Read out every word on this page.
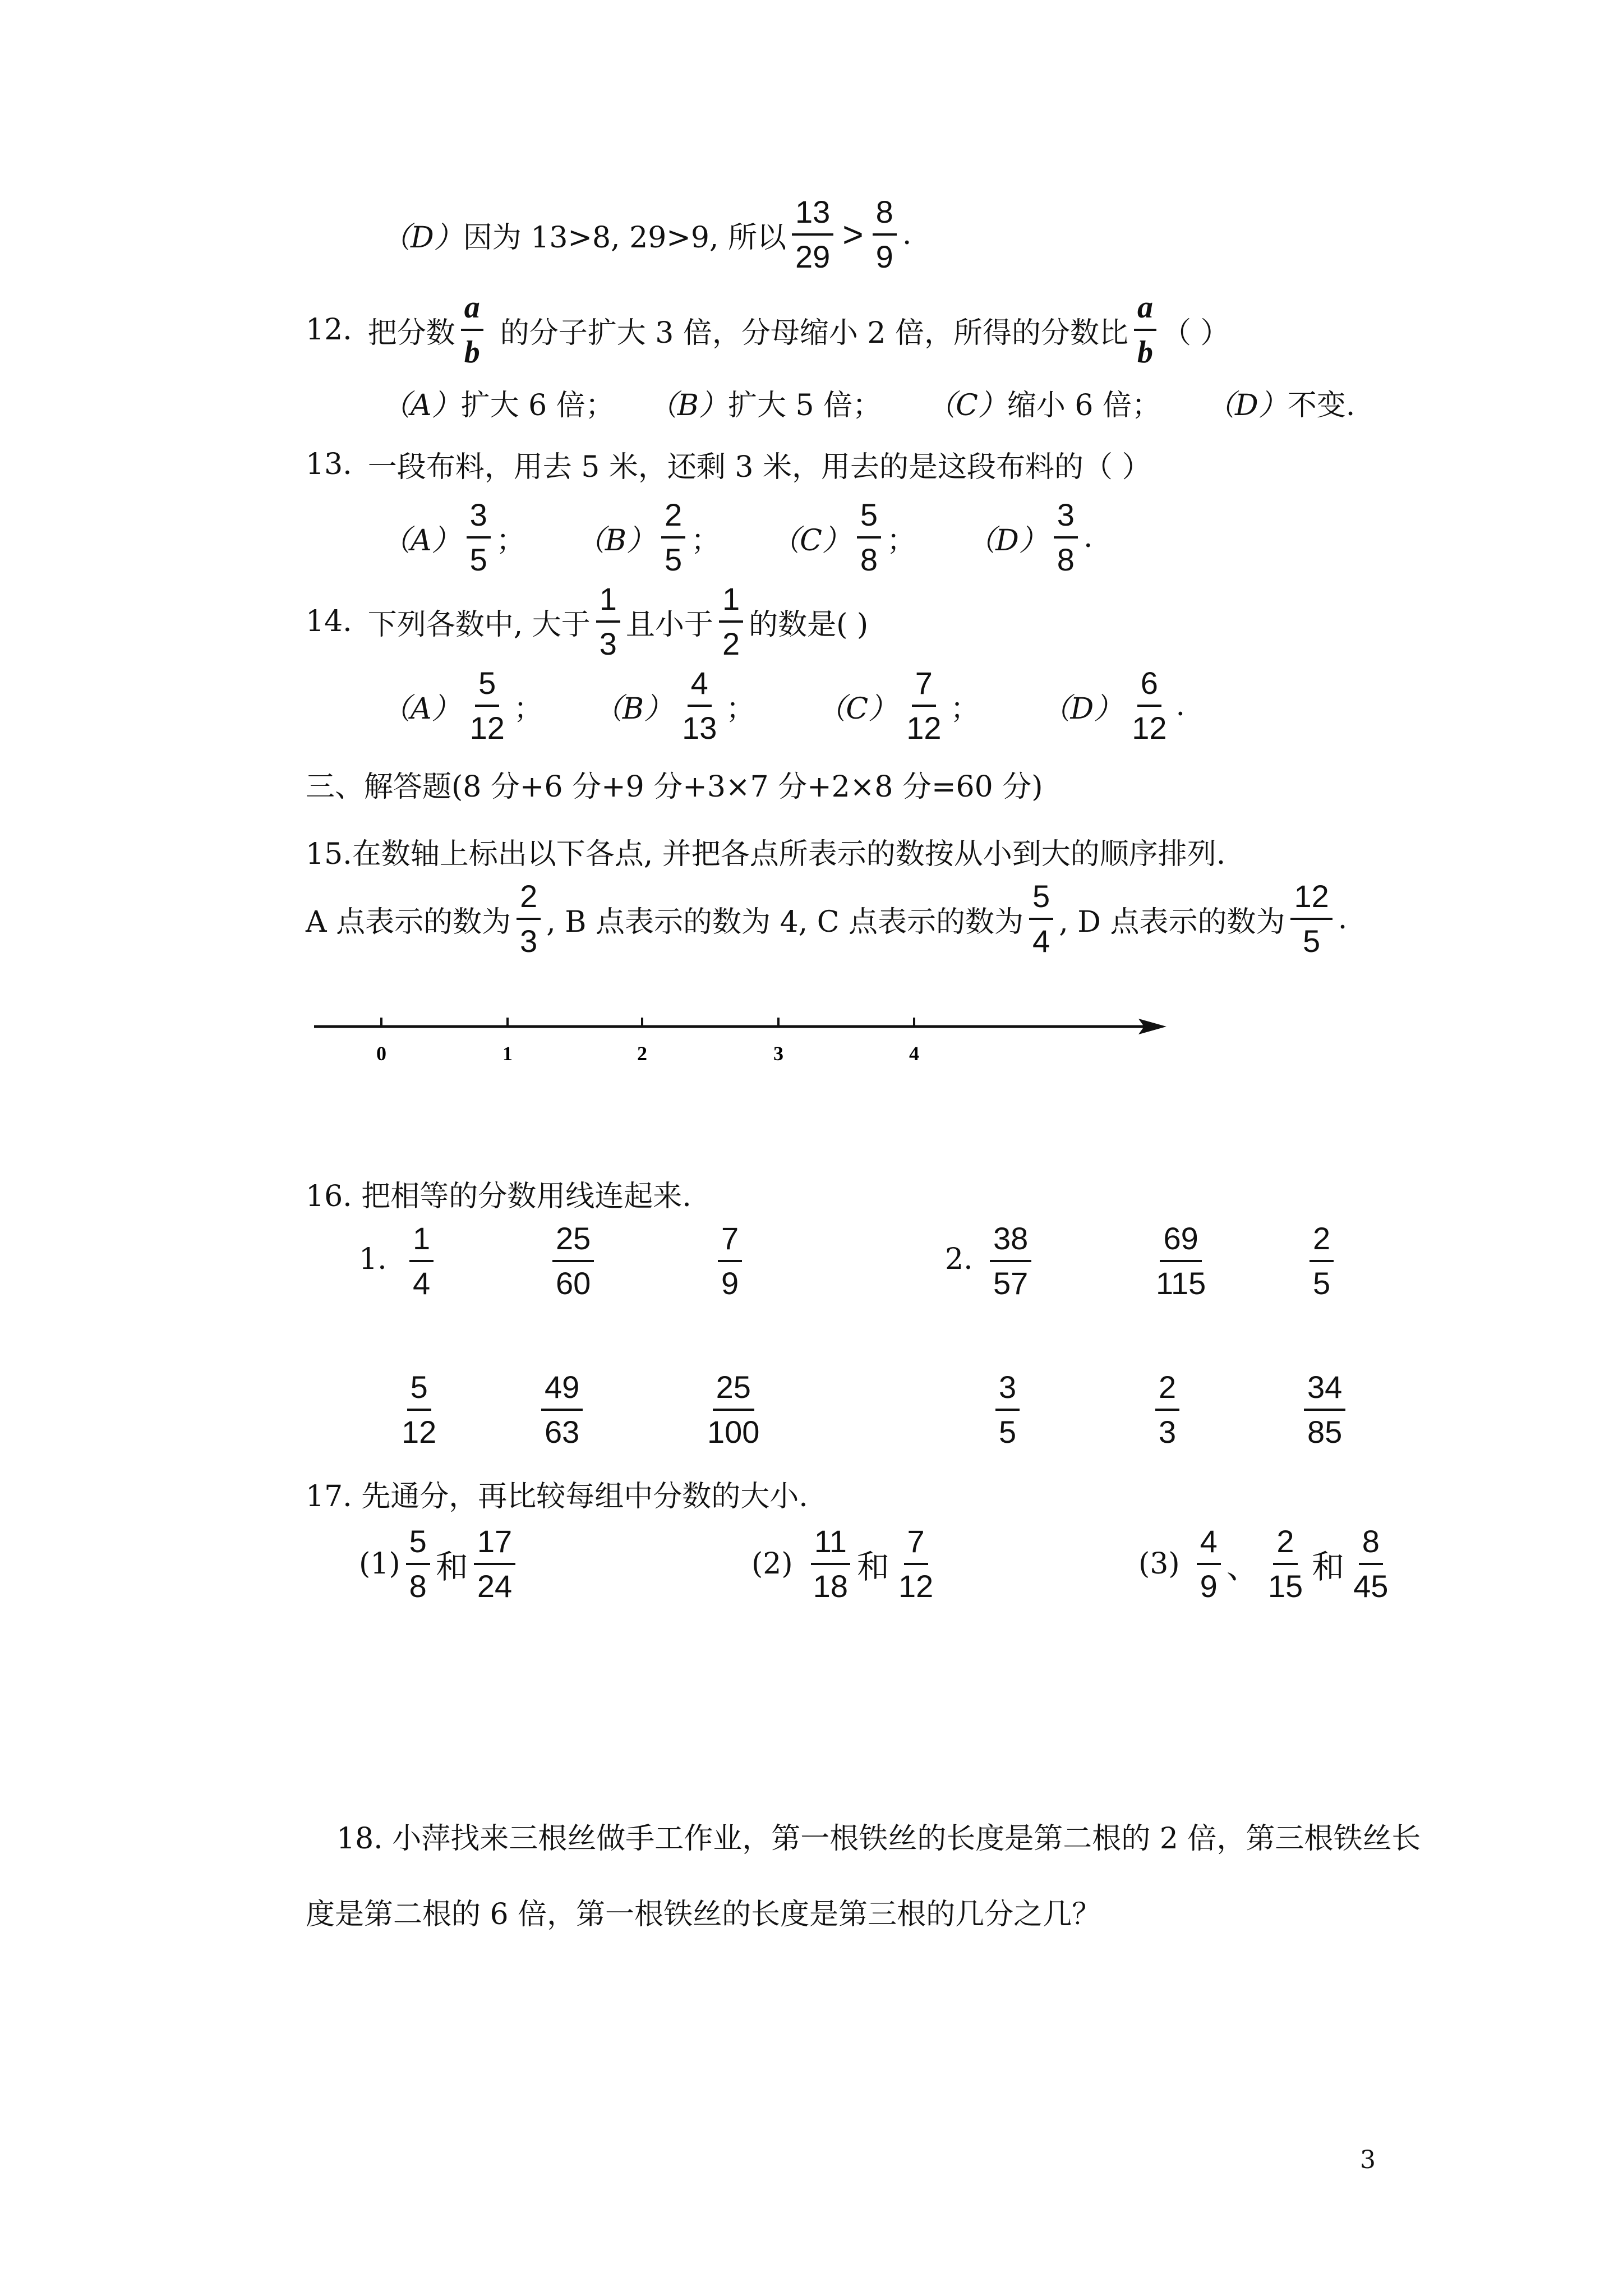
（D） 因为 13>8, 29>9, 所以 $\frac{13}{29} > \frac{8}{9}$ .
12. 把分数 $\frac{a}{b}$ 的分子扩大 3 倍，分母缩小 2 倍，所得的分数比 $\frac{a}{b}$ （ ）
（A）扩大 6 倍； （B）扩大 5 倍； （C）缩小 6 倍； （D）不变.
13. 一段布料，用去 5 米，还剩 3 米，用去的是这段布料的（ ）
$(A) \frac{3}{5}$ ； $(B) \frac{2}{5}$ ； $(C) \frac{5}{8}$ ； $(D) \frac{3}{8}$ .
14. 下列各数中, 大于 $\frac{1}{3}$ 且小于 $\frac{1}{2}$ 的数是( )
$(A) \frac{5}{12}$ ； $(B) \frac{4}{13}$ ； $(C) \frac{7}{12}$ ； $(D) \frac{6}{12}$ .
三、解答题(8 分+6 分+9 分+3×7 分+2×8 分=60 分)
15.在数轴上标出以下各点, 并把各点所表示的数按从小到大的顺序排列.
A 点表示的数为 $\frac{2}{3}$ , B 点表示的数为 4, C 点表示的数为 $\frac{5}{4}$ , D 点表示的数为 $\frac{12}{5}$ .
0	1	2	3	4
16. 把相等的分数用线连起来.
1.	2.
$\frac{1}{4}$	$\frac{25}{60}$	$\frac{7}{9}$	$\frac{38}{57}$	$\frac{69}{115}$	$\frac{2}{5}$
$\frac{5}{12}$	$\frac{49}{63}$	$\frac{25}{100}$	$\frac{3}{5}$	$\frac{2}{3}$	$\frac{34}{85}$
17. 先通分，再比较每组中分数的大小.
$(1) \frac{5}{8}$ 和 $\frac{17}{24}$	$(2) \frac{11}{18}$ 和 $\frac{7}{12}$	$(3) \frac{4}{9}$ 、 $\frac{2}{15}$ 和 $\frac{8}{45}$
18. 小萍找来三根丝做手工作业，第一根铁丝的长度是第二根的 2 倍，第三根铁丝长
度是第二根的 6 倍，第一根铁丝的长度是第三根的几分之几？
3
